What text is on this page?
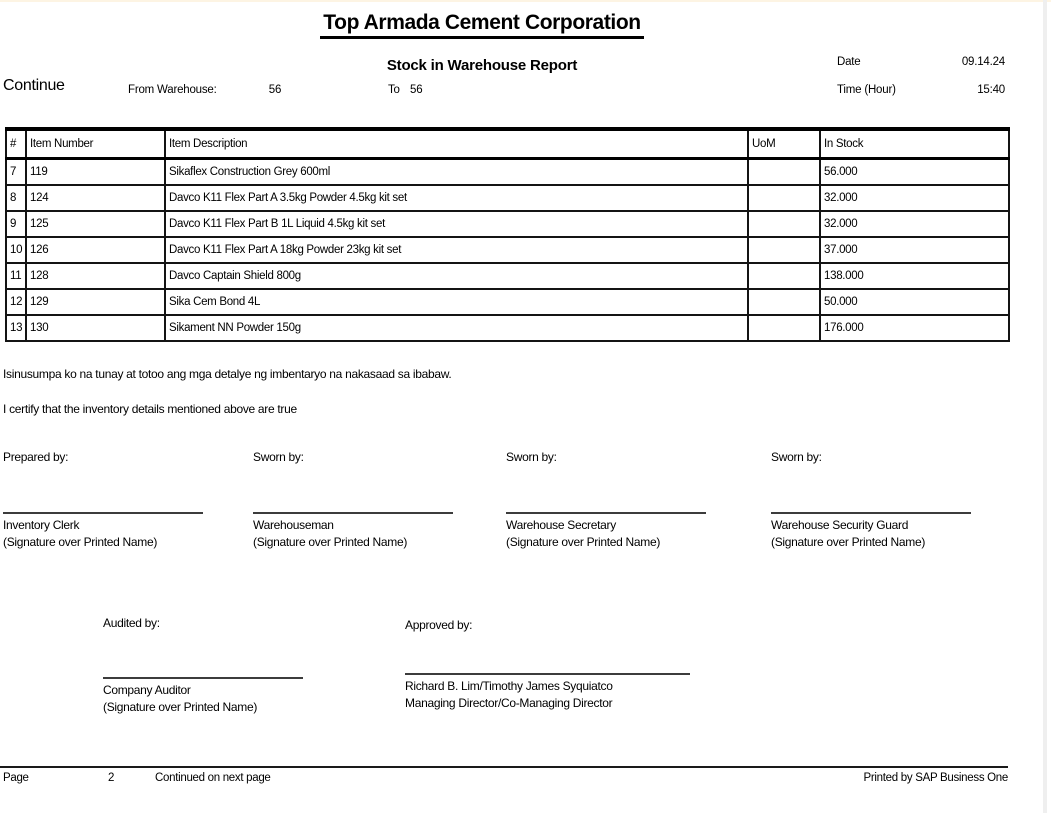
Top Armada Cement Corporation
Stock in Warehouse Report
Continue	From Warehouse:	56	To 56
Date	09.14.24
Time (Hour)	15:40
#	Item Number	Item Description	UoM	In Stock
7	119	Sikaflex Construction Grey 600ml		56.000
8	124	Davco K11 Flex Part A 3.5kg Powder 4.5kg kit set		32.000
9	125	Davco K11 Flex Part B 1L Liquid 4.5kg kit set		32.000
10	126	Davco K11 Flex Part A 18kg Powder 23kg kit set		37.000
11	128	Davco Captain Shield 800g		138.000
12	129	Sika Cem Bond 4L		50.000
13	130	Sikament NN Powder 150g		176.000
Isinusumpa ko na tunay at totoo ang mga detalye ng imbentaryo na nakasaad sa ibabaw.
I certify that the inventory details mentioned above are true
Prepared by:
Inventory Clerk
(Signature over Printed Name)
Sworn by:
Warehouseman
(Signature over Printed Name)
Sworn by:
Warehouse Secretary
(Signature over Printed Name)
Sworn by:
Warehouse Security Guard
(Signature over Printed Name)
Audited by:
Company Auditor
(Signature over Printed Name)
Approved by:
Richard B. Lim/Timothy James Syquiatco
Managing Director/Co-Managing Director
Page	2	Continued on next page	Printed by SAP Business One
